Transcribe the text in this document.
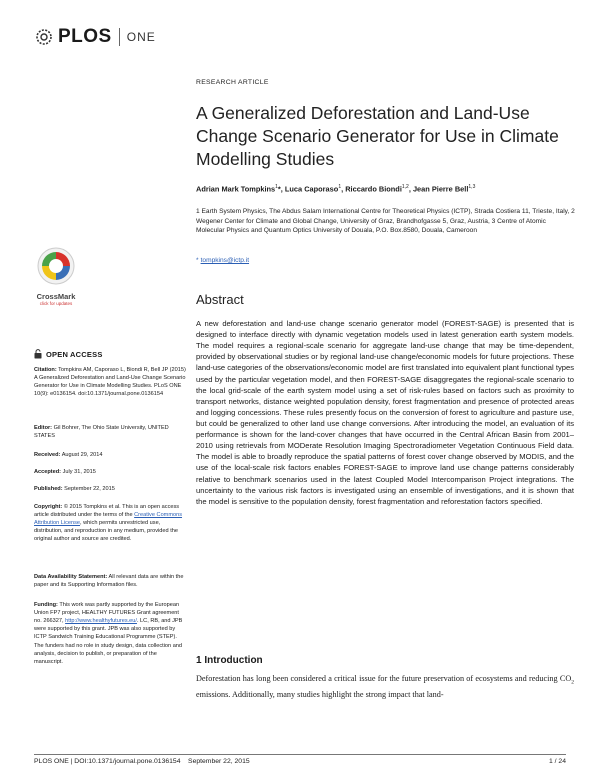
PLOS ONE
RESEARCH ARTICLE
A Generalized Deforestation and Land-Use Change Scenario Generator for Use in Climate Modelling Studies
Adrian Mark Tompkins$^1$*, Luca Caporaso$^1$, Riccardo Biondi$^{1,2}$, Jean Pierre Bell$^{1,3}$
1 Earth System Physics, The Abdus Salam International Centre for Theoretical Physics (ICTP), Strada Costiera 11, Trieste, Italy, 2 Wegener Center for Climate and Global Change, University of Graz, Brandhofgasse 5, Graz, Austria, 3 Centre of Atomic Molecular Physics and Quantum Optics University of Douala, P.O. Box.8580, Douala, Cameroon
* tompkins@ictp.it
CrossMark
click for updates
OPEN ACCESS
Citation: Tompkins AM, Caporaso L, Biondi R, Bell JP (2015) A Generalized Deforestation and Land-Use Change Scenario Generator for Use in Climate Modelling Studies. PLoS ONE 10(9): e0136154. doi:10.1371/journal.pone.0136154
Editor: Gil Bohrer, The Ohio State University, UNITED STATES
Received: August 29, 2014
Accepted: July 31, 2015
Published: September 22, 2015
Copyright: © 2015 Tompkins et al. This is an open access article distributed under the terms of the Creative Commons Attribution License, which permits unrestricted use, distribution, and reproduction in any medium, provided the original author and source are credited.
Data Availability Statement: All relevant data are within the paper and its Supporting Information files.
Funding: This work was partly supported by the European Union FP7 project, HEALTHY FUTURES Grant agreement no. 266327, http://www.healthyfutures.eu/. LC, RB, and JPB were supported by this grant. JPB was also supported by ICTP Sandwich Training Educational Programme (STEP). The funders had no role in study design, data collection and analysis, decision to publish, or preparation of the manuscript.
Abstract
A new deforestation and land-use change scenario generator model (FOREST-SAGE) is presented that is designed to interface directly with dynamic vegetation models used in latest generation earth system models. The model requires a regional-scale scenario for aggregate land-use change that may be time-dependent, provided by observational studies or by regional land-use change/economic models for future projections. These land-use categories of the observations/economic model are first translated into equivalent plant functional types used by the particular vegetation model, and then FOREST-SAGE disaggregates the regional-scale scenario to the local grid-scale of the earth system model using a set of risk-rules based on factors such as proximity to transport networks, distance weighted population density, forest fragmentation and presence of protected areas and logging concessions. These rules presently focus on the conversion of forest to agriculture and pasture use, but could be generalized to other land use change conversions. After introducing the model, an evaluation of its performance is shown for the land-cover changes that have occurred in the Central African Basin from 2001–2010 using retrievals from MODerate Resolution Imaging Spectroradiometer Vegetation Continuous Field data. The model is able to broadly reproduce the spatial patterns of forest cover change observed by MODIS, and the use of the local-scale risk factors enables FOREST-SAGE to improve land use change patterns considerably relative to benchmark scenarios used in the latest Coupled Model Intercomparison Project integrations. The uncertainty to the various risk factors is investigated using an ensemble of investigations, and it is shown that the model is sensitive to the population density, forest fragmentation and reforestation factors specified.
1 Introduction
Deforestation has long been considered a critical issue for the future preservation of ecosystems and reducing $CO_2$ emissions. Additionally, many studies highlight the strong impact that land-
PLOS ONE | DOI:10.1371/journal.pone.0136154    September 22, 2015	1 / 24
